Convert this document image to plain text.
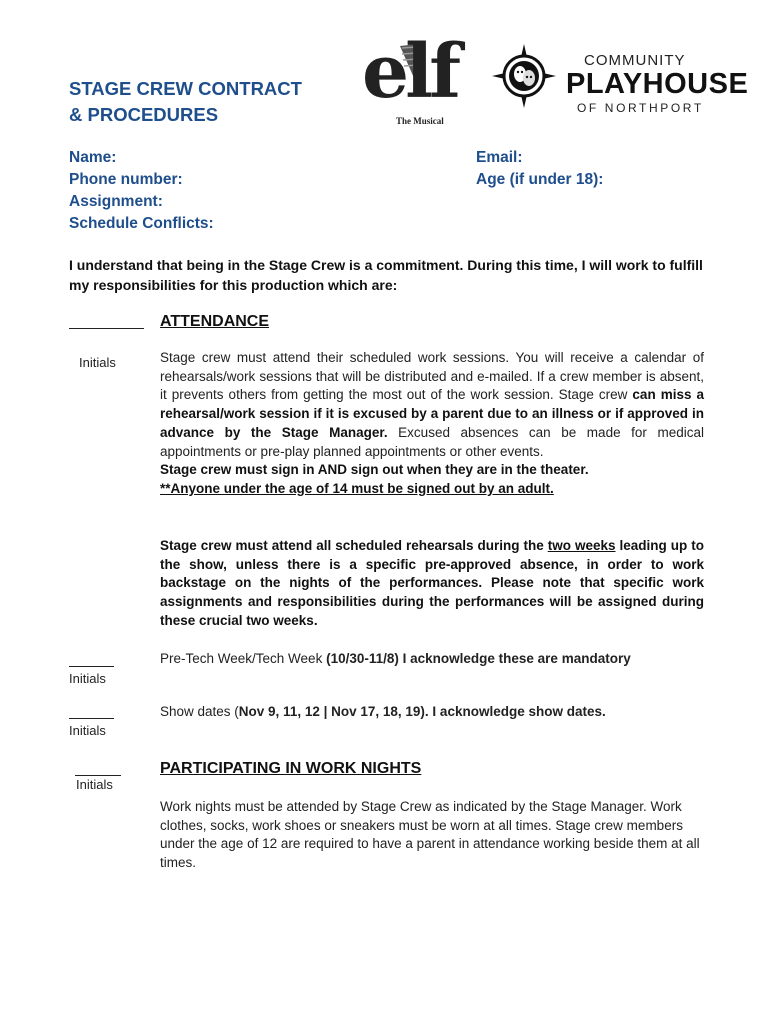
STAGE CREW CONTRACT
& PROCEDURES	elf
The Musical
COMMUNITY
PLAYHOUSE
OF NORTHPORT
Name:
Phone number:
Assignment:
Schedule Conflicts:
Email:
Age (if under 18):
I understand that being in the Stage Crew is a commitment. During this time, I will work to fulfill my responsibilities for this production which are:
ATTENDANCE
Initials	Stage crew must attend their scheduled work sessions. You will receive a calendar of rehearsals/work sessions that will be distributed and e-mailed. If a crew member is absent, it prevents others from getting the most out of the work session. Stage crew can miss a rehearsal/work session if it is excused by a parent due to an illness or if approved in advance by the Stage Manager. Excused absences can be made for medical appointments or pre-play planned appointments or other events.
Stage crew must sign in AND sign out when they are in the theater.
**Anyone under the age of 14 must be signed out by an adult.
Stage crew must attend all scheduled rehearsals during the two weeks leading up to the show, unless there is a specific pre-approved absence, in order to work backstage on the nights of the performances. Please note that specific work assignments and responsibilities during the performances will be assigned during these crucial two weeks.
Initials
Pre-Tech Week/Tech Week (10/30-11/8) I acknowledge these are mandatory
Initials
Show dates (Nov 9, 11, 12 | Nov 17, 18, 19). I acknowledge show dates.
Initials
PARTICIPATING IN WORK NIGHTS
Work nights must be attended by Stage Crew as indicated by the Stage Manager. Work clothes, socks, work shoes or sneakers must be worn at all times. Stage crew members under the age of 12 are required to have a parent in attendance working beside them at all times.
